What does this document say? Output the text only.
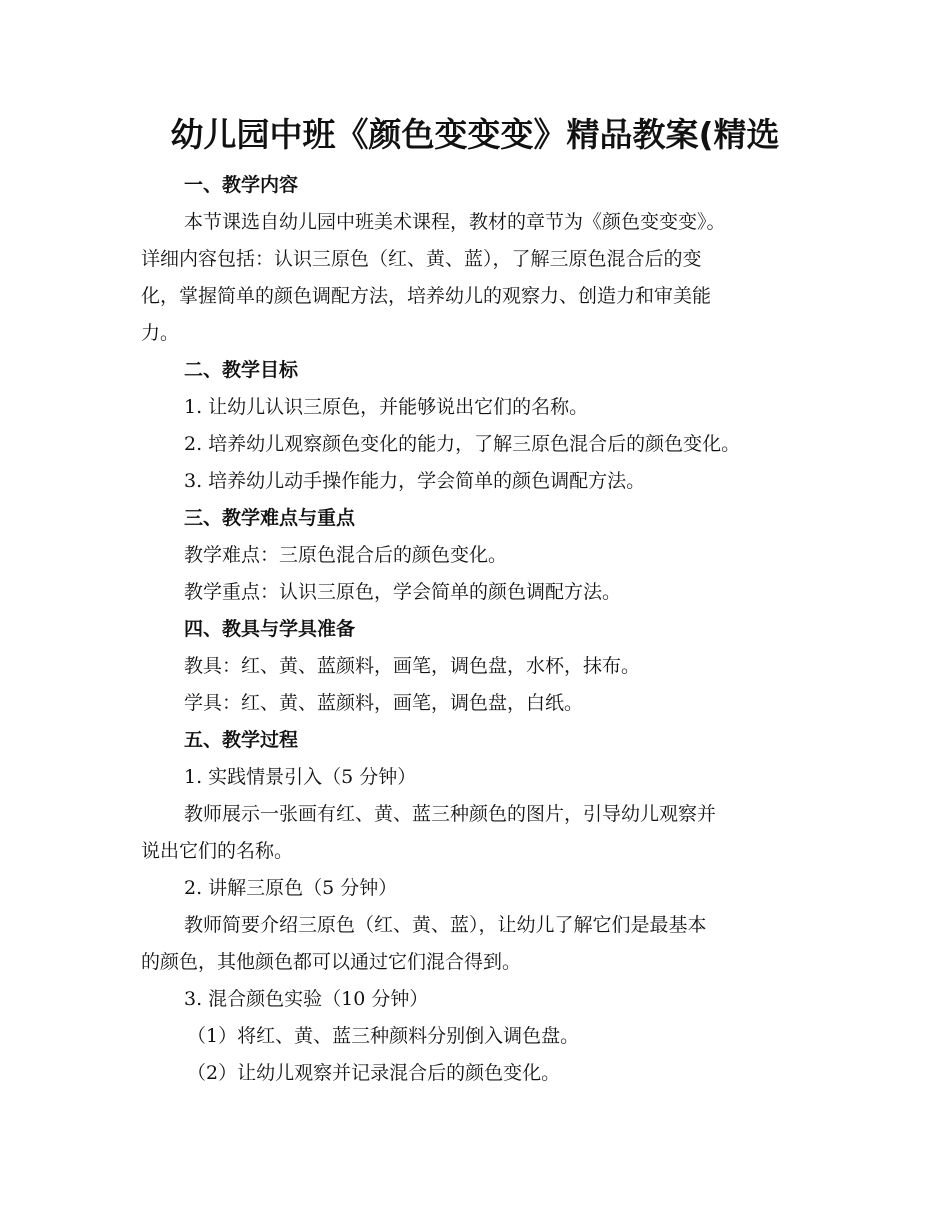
幼儿园中班《颜色变变变》精品教案(精选

一、教学内容

本节课选自幼儿园中班美术课程，教材的章节为《颜色变变变》。

详细内容包括：认识三原色（红、黄、蓝），了解三原色混合后的变

化，掌握简单的颜色调配方法，培养幼儿的观察力、创造力和审美能

力。

二、教学目标

1. 让幼儿认识三原色，并能够说出它们的名称。

2. 培养幼儿观察颜色变化的能力，了解三原色混合后的颜色变化。

3. 培养幼儿动手操作能力，学会简单的颜色调配方法。

三、教学难点与重点

教学难点：三原色混合后的颜色变化。

教学重点：认识三原色，学会简单的颜色调配方法。

四、教具与学具准备

教具：红、黄、蓝颜料，画笔，调色盘，水杯，抹布。

学具：红、黄、蓝颜料，画笔，调色盘，白纸。

五、教学过程

1. 实践情景引入（5 分钟）

教师展示一张画有红、黄、蓝三种颜色的图片，引导幼儿观察并

说出它们的名称。

2. 讲解三原色（5 分钟）

教师简要介绍三原色（红、黄、蓝），让幼儿了解它们是最基本

的颜色，其他颜色都可以通过它们混合得到。

3. 混合颜色实验（10 分钟）

（1）将红、黄、蓝三种颜料分别倒入调色盘。

（2）让幼儿观察并记录混合后的颜色变化。
